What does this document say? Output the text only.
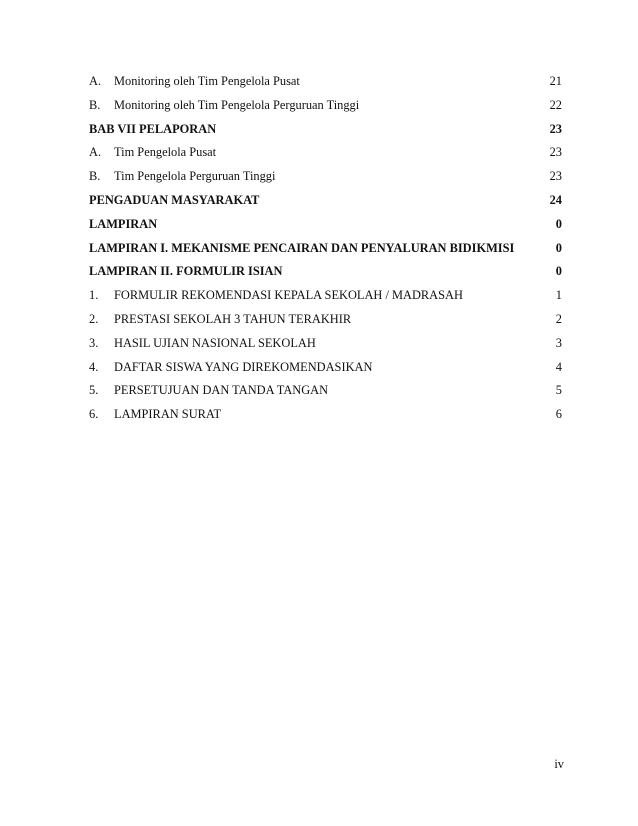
A. Monitoring oleh Tim Pengelola Pusat	21
B. Monitoring oleh Tim Pengelola Perguruan Tinggi	22
BAB VII PELAPORAN	23
A. Tim Pengelola Pusat	23
B. Tim Pengelola Perguruan Tinggi	23
PENGADUAN MASYARAKAT	24
LAMPIRAN	0
LAMPIRAN I. MEKANISME PENCAIRAN DAN PENYALURAN BIDIKMISI	0
LAMPIRAN II. FORMULIR ISIAN	0
1. FORMULIR REKOMENDASI KEPALA SEKOLAH / MADRASAH	1
2. PRESTASI SEKOLAH 3 TAHUN TERAKHIR	2
3. HASIL UJIAN NASIONAL SEKOLAH	3
4. DAFTAR SISWA YANG DIREKOMENDASIKAN	4
5. PERSETUJUAN DAN TANDA TANGAN	5
6. LAMPIRAN SURAT	6
iv
